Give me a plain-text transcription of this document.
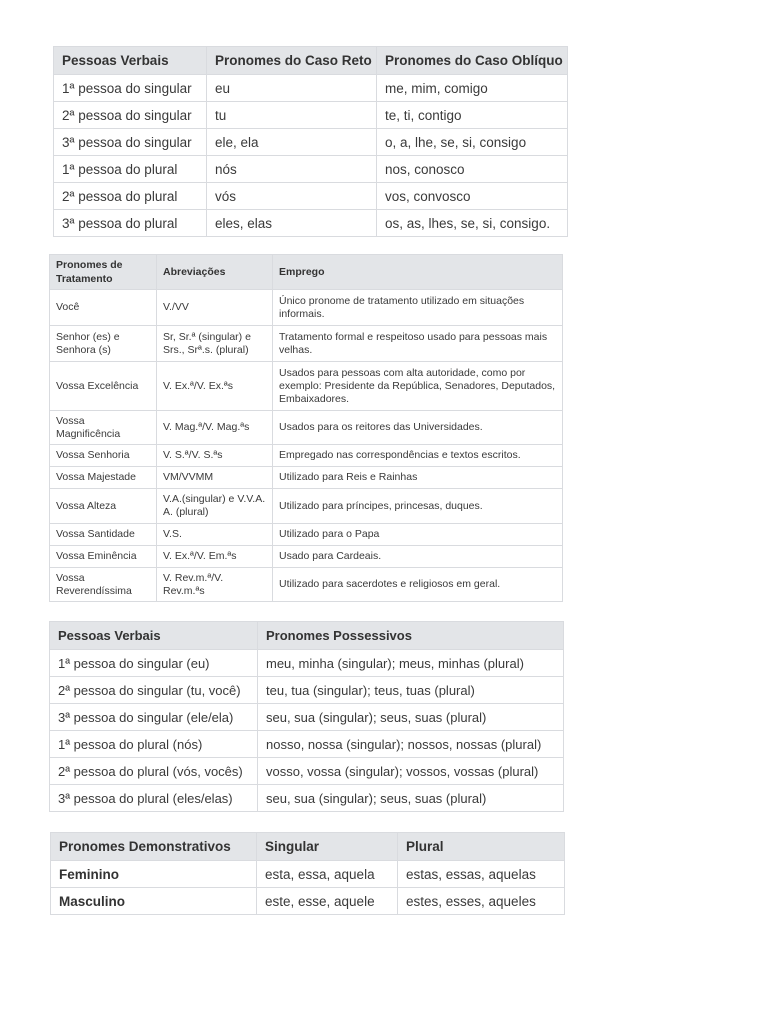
Pessoas Verbais	Pronomes do Caso Reto	Pronomes do Caso Oblíquo
1ª pessoa do singular	eu	me, mim, comigo
2ª pessoa do singular	tu	te, ti, contigo
3ª pessoa do singular	ele, ela	o, a, lhe, se, si, consigo
1ª pessoa do plural	nós	nos, conosco
2ª pessoa do plural	vós	vos, convosco
3ª pessoa do plural	eles, elas	os, as, lhes, se, si, consigo.
Pronomes de Tratamento	Abreviações	Emprego
Você	V./VV	Único pronome de tratamento utilizado em situações informais.
Senhor (es) e Senhora (s)	Sr, Sr.ª (singular) e Srs., Srª.s. (plural)	Tratamento formal e respeitoso usado para pessoas mais velhas.
Vossa Excelência	V. Ex.ª/V. Ex.ªs	Usados para pessoas com alta autoridade, como por exemplo: Presidente da República, Senadores, Deputados, Embaixadores.
Vossa Magnificência	V. Mag.ª/V. Mag.ªs	Usados para os reitores das Universidades.
Vossa Senhoria	V. S.ª/V. S.ªs	Empregado nas correspondências e textos escritos.
Vossa Majestade	VM/VVMM	Utilizado para Reis e Rainhas
Vossa Alteza	V.A.(singular) e V.V.A. A. (plural)	Utilizado para príncipes, princesas, duques.
Vossa Santidade	V.S.	Utilizado para o Papa
Vossa Eminência	V. Ex.ª/V. Em.ªs	Usado para Cardeais.
Vossa Reverendíssima	V. Rev.m.ª/V. Rev.m.ªs	Utilizado para sacerdotes e religiosos em geral.
Pessoas Verbais	Pronomes Possessivos
1ª pessoa do singular (eu)	meu, minha (singular); meus, minhas (plural)
2ª pessoa do singular (tu, você)	teu, tua (singular); teus, tuas (plural)
3ª pessoa do singular (ele/ela)	seu, sua (singular); seus, suas (plural)
1ª pessoa do plural (nós)	nosso, nossa (singular); nossos, nossas (plural)
2ª pessoa do plural (vós, vocês)	vosso, vossa (singular); vossos, vossas (plural)
3ª pessoa do plural (eles/elas)	seu, sua (singular); seus, suas (plural)
Pronomes Demonstrativos	Singular	Plural
Feminino	esta, essa, aquela	estas, essas, aquelas
Masculino	este, esse, aquele	estes, esses, aqueles
